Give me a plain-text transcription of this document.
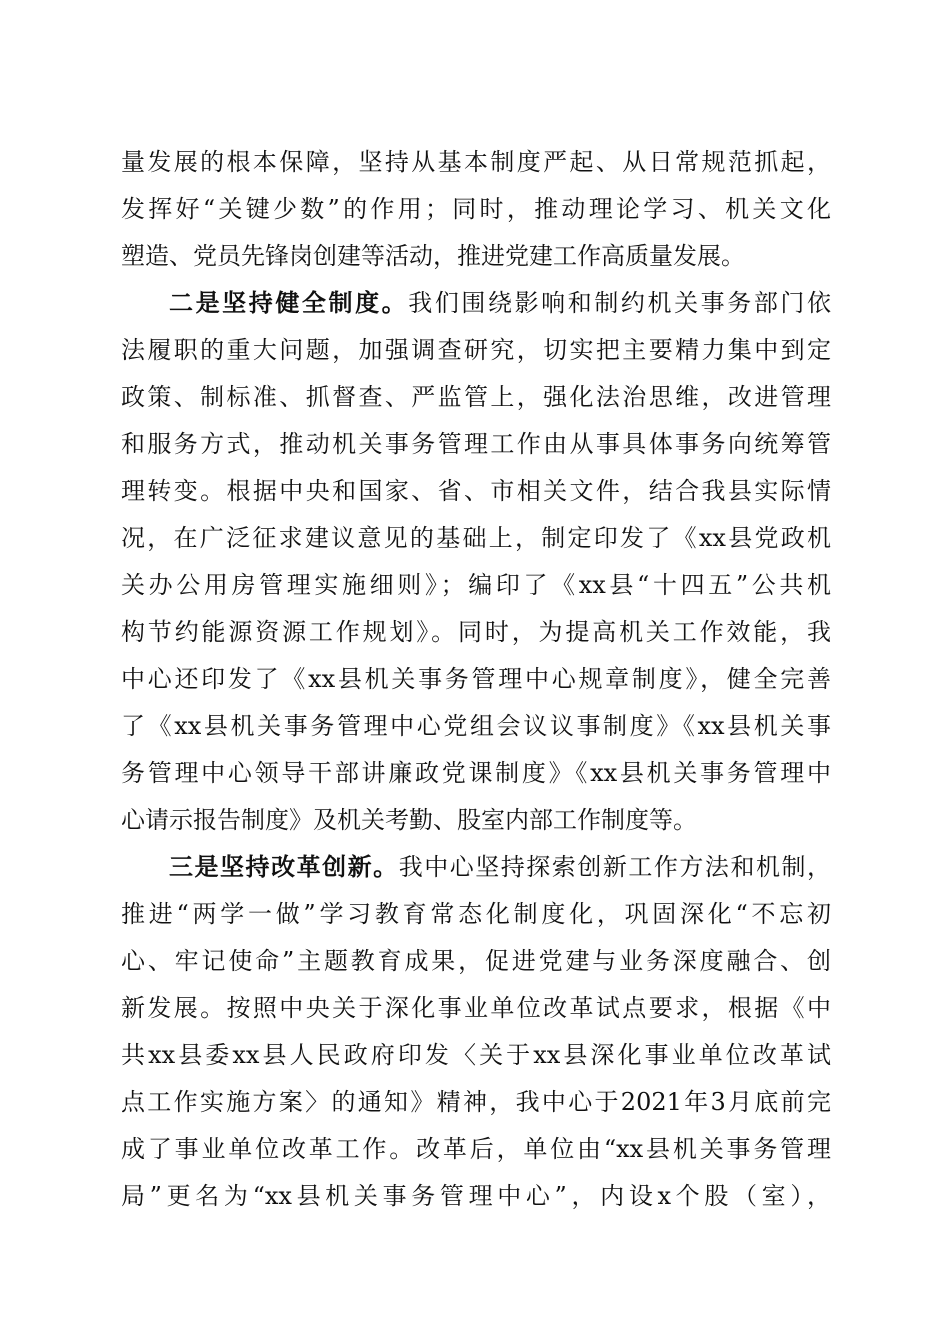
量发展的根本保障，坚持从基本制度严起、从日常规范抓起，
发挥好“关键少数”的作用；同时，推动理论学习、机关文化
塑造、党员先锋岗创建等活动，推进党建工作高质量发展。
二是坚持健全制度。我们围绕影响和制约机关事务部门依
法履职的重大问题，加强调查研究，切实把主要精力集中到定
政策、制标准、抓督查、严监管上，强化法治思维，改进管理
和服务方式，推动机关事务管理工作由从事具体事务向统筹管
理转变。根据中央和国家、省、市相关文件，结合我县实际情
况，在广泛征求建议意见的基础上，制定印发了《xx县党政机
关办公用房管理实施细则》；编印了《xx县“十四五”公共机
构节约能源资源工作规划》。同时，为提高机关工作效能，我
中心还印发了《xx县机关事务管理中心规章制度》，健全完善
了《xx县机关事务管理中心党组会议议事制度》《xx县机关事
务管理中心领导干部讲廉政党课制度》《xx县机关事务管理中
心请示报告制度》及机关考勤、股室内部工作制度等。
三是坚持改革创新。我中心坚持探索创新工作方法和机制，
推进“两学一做”学习教育常态化制度化，巩固深化“不忘初
心、牢记使命”主题教育成果，促进党建与业务深度融合、创
新发展。按照中央关于深化事业单位改革试点要求，根据《中
共xx县委xx县人民政府印发〈关于xx县深化事业单位改革试
点工作实施方案〉的通知》精神，我中心于2021年3月底前完
成了事业单位改革工作。改革后，单位由“xx县机关事务管理
局”更名为“xx县机关事务管理中心”，内设x个股（室），
